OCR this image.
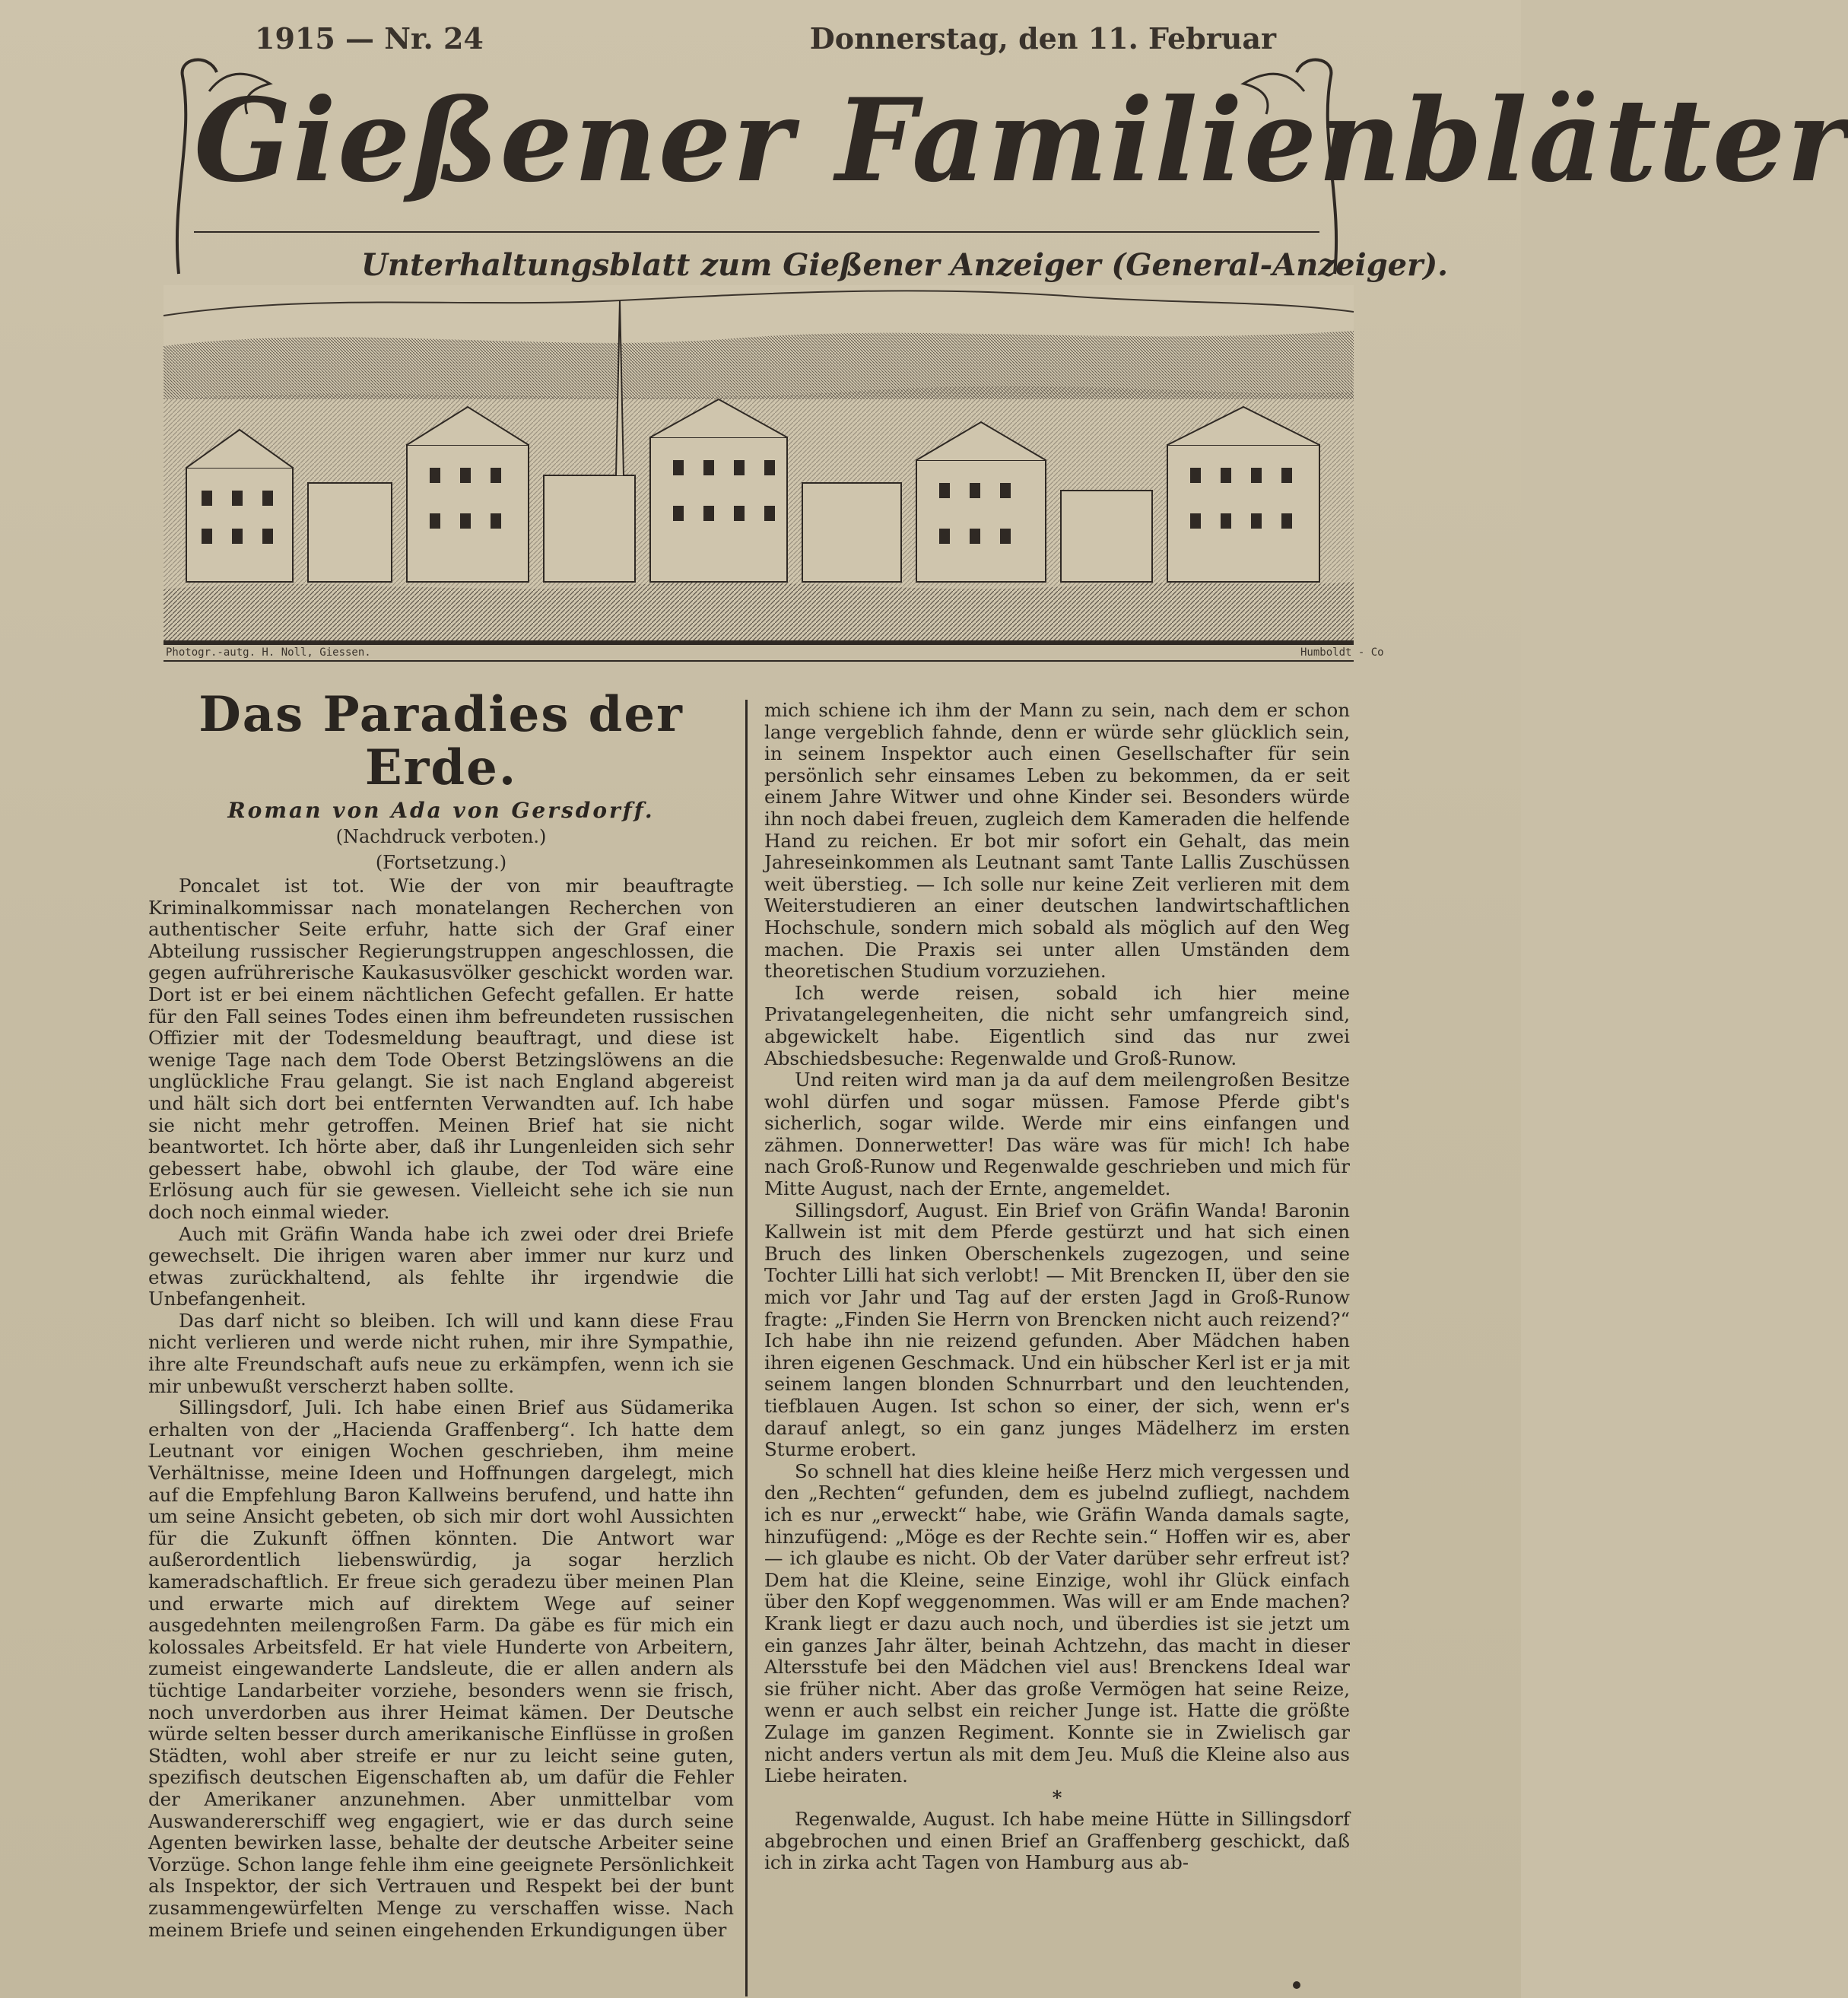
1915 — Nr. 24	Donnerstag, den 11. Februar
Gießener Familienblätter
Unterhaltungsblatt zum Gießener Anzeiger (General-Anzeiger).
Photogr.-autg. H. Noll, Giessen.	Humboldt - Co
Das Paradies der Erde.
Roman von Ada von Gersdorff.
(Nachdruck verboten.)
(Fortsetzung.)

Poncalet ist tot. Wie der von mir beauftragte Kriminalkommissar nach monatelangen Recherchen von authentischer Seite erfuhr, hatte sich der Graf einer Abteilung russischer Regierungstruppen angeschlossen, die gegen aufrührerische Kaukasusvölker geschickt worden war. Dort ist er bei einem nächtlichen Gefecht gefallen. Er hatte für den Fall seines Todes einen ihm befreundeten russischen Offizier mit der Todesmeldung beauftragt, und diese ist wenige Tage nach dem Tode Oberst Betzingslöwens an die unglückliche Frau gelangt. Sie ist nach England abgereist und hält sich dort bei entfernten Verwandten auf. Ich habe sie nicht mehr getroffen. Meinen Brief hat sie nicht beantwortet. Ich hörte aber, daß ihr Lungenleiden sich sehr gebessert habe, obwohl ich glaube, der Tod wäre eine Erlösung auch für sie gewesen. Vielleicht sehe ich sie nun doch noch einmal wieder.

Auch mit Gräfin Wanda habe ich zwei oder drei Briefe gewechselt. Die ihrigen waren aber immer nur kurz und etwas zurückhaltend, als fehlte ihr irgendwie die Unbefangenheit.

Das darf nicht so bleiben. Ich will und kann diese Frau nicht verlieren und werde nicht ruhen, mir ihre Sympathie, ihre alte Freundschaft aufs neue zu erkämpfen, wenn ich sie mir unbewußt verscherzt haben sollte.

Sillingsdorf, Juli. Ich habe einen Brief aus Südamerika erhalten von der „Hacienda Graffenberg“. Ich hatte dem Leutnant vor einigen Wochen geschrieben, ihm meine Verhältnisse, meine Ideen und Hoffnungen dargelegt, mich auf die Empfehlung Baron Kallweins berufend, und hatte ihn um seine Ansicht gebeten, ob sich mir dort wohl Aussichten für die Zukunft öffnen könnten. Die Antwort war außerordentlich liebenswürdig, ja sogar herzlich kameradschaftlich. Er freue sich geradezu über meinen Plan und erwarte mich auf direktem Wege auf seiner ausgedehnten meilengroßen Farm. Da gäbe es für mich ein kolossales Arbeitsfeld. Er hat viele Hunderte von Arbeitern, zumeist eingewanderte Landsleute, die er allen andern als tüchtige Landarbeiter vorziehe, besonders wenn sie frisch, noch unverdorben aus ihrer Heimat kämen. Der Deutsche würde selten besser durch amerikanische Einflüsse in großen Städten, wohl aber streife er nur zu leicht seine guten, spezifisch deutschen Eigenschaften ab, um dafür die Fehler der Amerikaner anzunehmen. Aber unmittelbar vom Auswandererschiff weg engagiert, wie er das durch seine Agenten bewirken lasse, behalte der deutsche Arbeiter seine Vorzüge. Schon lange fehle ihm eine geeignete Persönlichkeit als Inspektor, der sich Vertrauen und Respekt bei der bunt zusammengewürfelten Menge zu verschaffen wisse. Nach meinem Briefe und seinen eingehenden Erkundigungen über

mich schiene ich ihm der Mann zu sein, nach dem er schon lange vergeblich fahnde, denn er würde sehr glücklich sein, in seinem Inspektor auch einen Gesellschafter für sein persönlich sehr einsames Leben zu bekommen, da er seit einem Jahre Witwer und ohne Kinder sei. Besonders würde ihn noch dabei freuen, zugleich dem Kameraden die helfende Hand zu reichen. Er bot mir sofort ein Gehalt, das mein Jahreseinkommen als Leutnant samt Tante Lallis Zuschüssen weit überstieg. — Ich solle nur keine Zeit verlieren mit dem Weiterstudieren an einer deutschen landwirtschaftlichen Hochschule, sondern mich sobald als möglich auf den Weg machen. Die Praxis sei unter allen Umständen dem theoretischen Studium vorzuziehen.

Ich werde reisen, sobald ich hier meine Privatangelegenheiten, die nicht sehr umfangreich sind, abgewickelt habe. Eigentlich sind das nur zwei Abschiedsbesuche: Regenwalde und Groß-Runow.

Und reiten wird man ja da auf dem meilengroßen Besitze wohl dürfen und sogar müssen. Famose Pferde gibt's sicherlich, sogar wilde. Werde mir eins einfangen und zähmen. Donnerwetter! Das wäre was für mich! Ich habe nach Groß-Runow und Regenwalde geschrieben und mich für Mitte August, nach der Ernte, angemeldet.

Sillingsdorf, August. Ein Brief von Gräfin Wanda! Baronin Kallwein ist mit dem Pferde gestürzt und hat sich einen Bruch des linken Oberschenkels zugezogen, und seine Tochter Lilli hat sich verlobt! — Mit Brencken II, über den sie mich vor Jahr und Tag auf der ersten Jagd in Groß-Runow fragte: „Finden Sie Herrn von Brencken nicht auch reizend?“ Ich habe ihn nie reizend gefunden. Aber Mädchen haben ihren eigenen Geschmack. Und ein hübscher Kerl ist er ja mit seinem langen blonden Schnurrbart und den leuchtenden, tiefblauen Augen. Ist schon so einer, der sich, wenn er's darauf anlegt, so ein ganz junges Mädelherz im ersten Sturme erobert.

So schnell hat dies kleine heiße Herz mich vergessen und den „Rechten“ gefunden, dem es jubelnd zufliegt, nachdem ich es nur „erweckt“ habe, wie Gräfin Wanda damals sagte, hinzufügend: „Möge es der Rechte sein.“ Hoffen wir es, aber — ich glaube es nicht. Ob der Vater darüber sehr erfreut ist? Dem hat die Kleine, seine Einzige, wohl ihr Glück einfach über den Kopf weggenommen. Was will er am Ende machen? Krank liegt er dazu auch noch, und überdies ist sie jetzt um ein ganzes Jahr älter, beinah Achtzehn, das macht in dieser Altersstufe bei den Mädchen viel aus! Brenckens Ideal war sie früher nicht. Aber das große Vermögen hat seine Reize, wenn er auch selbst ein reicher Junge ist. Hatte die größte Zulage im ganzen Regiment. Konnte sie in Zwielisch gar nicht anders vertun als mit dem Jeu. Muß die Kleine also aus Liebe heiraten.

*

Regenwalde, August. Ich habe meine Hütte in Sillingsdorf abgebrochen und einen Brief an Graffenberg geschickt, daß ich in zirka acht Tagen von Hamburg aus ab-
